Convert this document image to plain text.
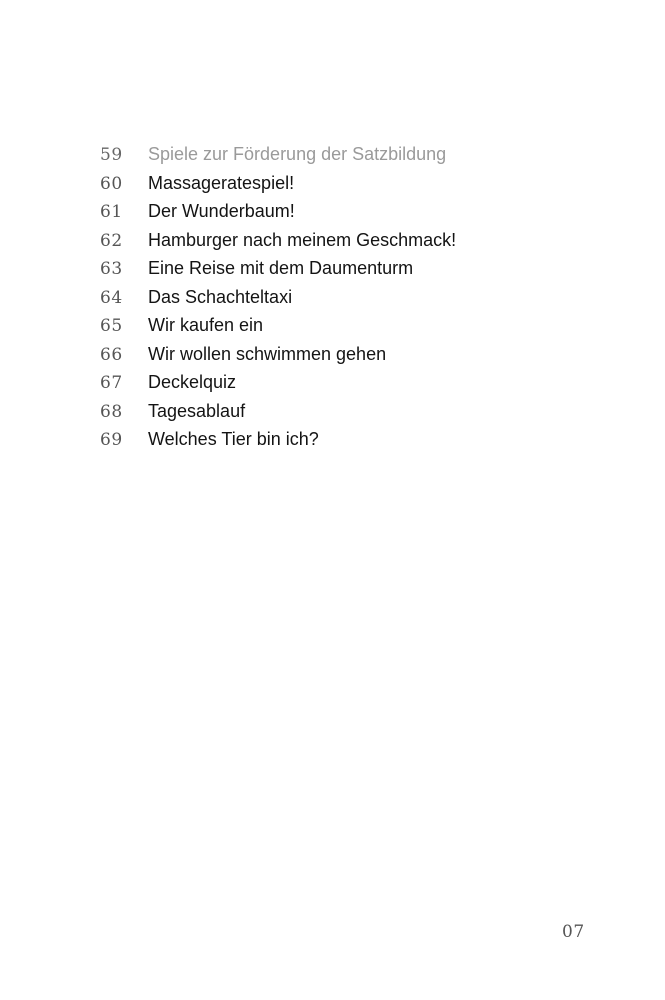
59	Spiele zur Förderung der Satzbildung
60	Massageratespiel!
61	Der Wunderbaum!
62	Hamburger nach meinem Geschmack!
63	Eine Reise mit dem Daumenturm
64	Das Schachteltaxi
65	Wir kaufen ein
66	Wir wollen schwimmen gehen
67	Deckelquiz
68	Tagesablauf
69	Welches Tier bin ich?
07
